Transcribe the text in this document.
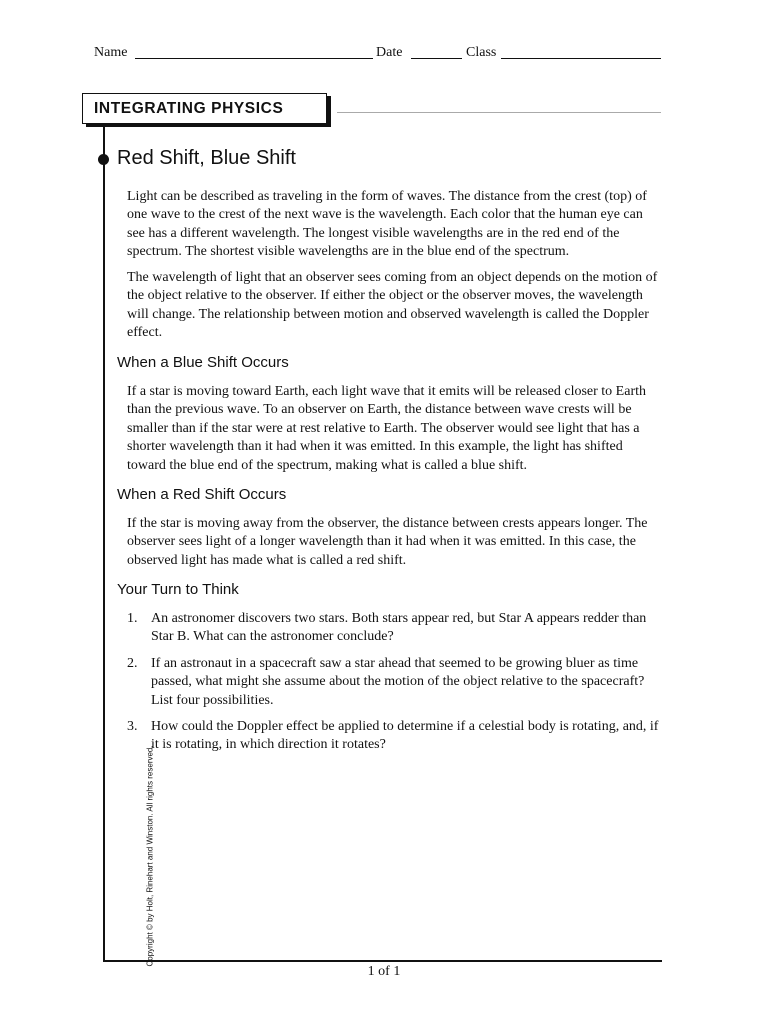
Name	Date	Class
INTEGRATING PHYSICS
Red Shift, Blue Shift

Light can be described as traveling in the form of waves. The distance from the crest (top) of one wave to the crest of the next wave is the wavelength. Each color that the human eye can see has a different wavelength. The longest visible wavelengths are in the red end of the spectrum. The shortest visible wavelengths are in the blue end of the spectrum.

The wavelength of light that an observer sees coming from an object depends on the motion of the object relative to the observer. If either the object or the observer moves, the wavelength will change. The relationship between motion and observed wavelength is called the Doppler effect.

When a Blue Shift Occurs

If a star is moving toward Earth, each light wave that it emits will be released closer to Earth than the previous wave. To an observer on Earth, the distance between wave crests will be smaller than if the star were at rest relative to Earth. The observer would see light that has a shorter wavelength than it had when it was emitted. In this example, the light has shifted toward the blue end of the spectrum, making what is called a blue shift.

When a Red Shift Occurs

If the star is moving away from the observer, the distance between crests appears longer. The observer sees light of a longer wavelength than it had when it was emitted. In this case, the observed light has made what is called a red shift.

Your Turn to Think
1. An astronomer discovers two stars. Both stars appear red, but Star A appears redder than Star B. What can the astronomer conclude?
2. If an astronaut in a spacecraft saw a star ahead that seemed to be growing bluer as time passed, what might she assume about the motion of the object relative to the spacecraft? List four possibilities.
3. How could the Doppler effect be applied to determine if a celestial body is rotating, and, if it is rotating, in which direction it rotates?
Copyright © by Holt, Rinehart and Winston. All rights reserved.
1 of 1
